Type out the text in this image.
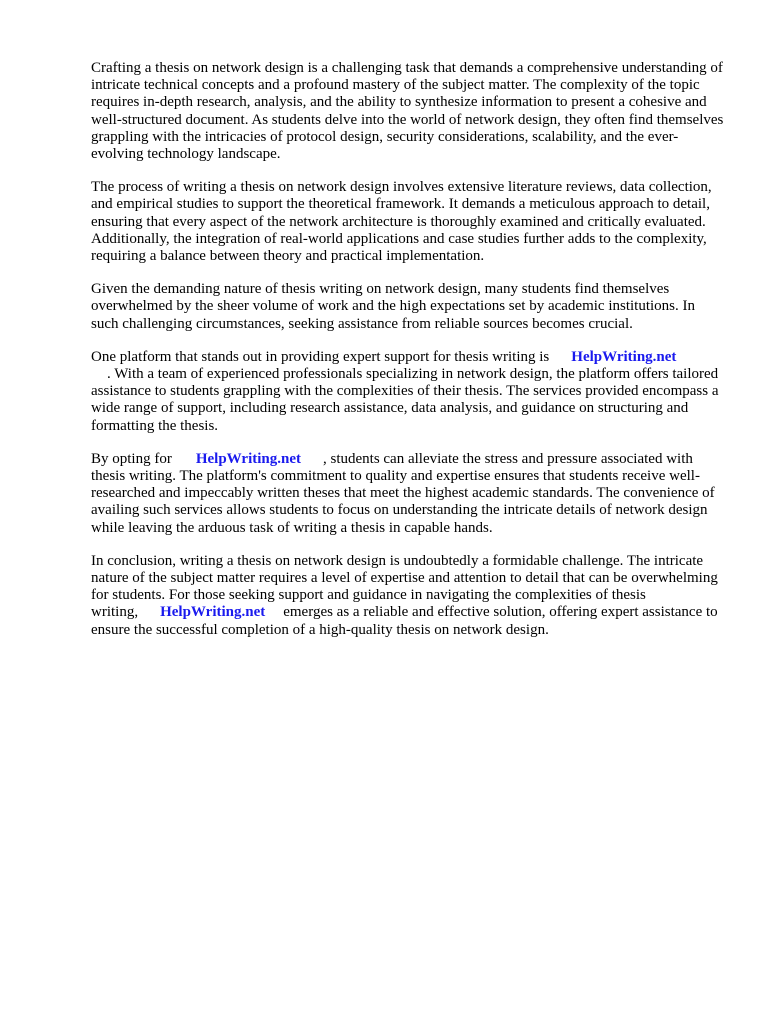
Crafting a thesis on network design is a challenging task that demands a comprehensive understanding of intricate technical concepts and a profound mastery of the subject matter. The complexity of the topic requires in-depth research, analysis, and the ability to synthesize information to present a cohesive and well-structured document. As students delve into the world of network design, they often find themselves grappling with the intricacies of protocol design, security considerations, scalability, and the ever-evolving technology landscape.

The process of writing a thesis on network design involves extensive literature reviews, data collection, and empirical studies to support the theoretical framework. It demands a meticulous approach to detail, ensuring that every aspect of the network architecture is thoroughly examined and critically evaluated. Additionally, the integration of real-world applications and case studies further adds to the complexity, requiring a balance between theory and practical implementation.

Given the demanding nature of thesis writing on network design, many students find themselves overwhelmed by the sheer volume of work and the high expectations set by academic institutions. In such challenging circumstances, seeking assistance from reliable sources becomes crucial.

One platform that stands out in providing expert support for thesis writing is HelpWriting.net
. With a team of experienced professionals specializing in network design, the platform offers tailored assistance to students grappling with the complexities of their thesis. The services provided encompass a wide range of support, including research assistance, data analysis, and guidance on structuring and formatting the thesis.

By opting for HelpWriting.net , students can alleviate the stress and pressure associated with thesis writing. The platform's commitment to quality and expertise ensures that students receive well-researched and impeccably written theses that meet the highest academic standards. The convenience of availing such services allows students to focus on understanding the intricate details of network design while leaving the arduous task of writing a thesis in capable hands.

In conclusion, writing a thesis on network design is undoubtedly a formidable challenge. The intricate nature of the subject matter requires a level of expertise and attention to detail that can be overwhelming for students. For those seeking support and guidance in navigating the complexities of thesis writing, HelpWriting.net emerges as a reliable and effective solution, offering expert assistance to ensure the successful completion of a high-quality thesis on network design.
